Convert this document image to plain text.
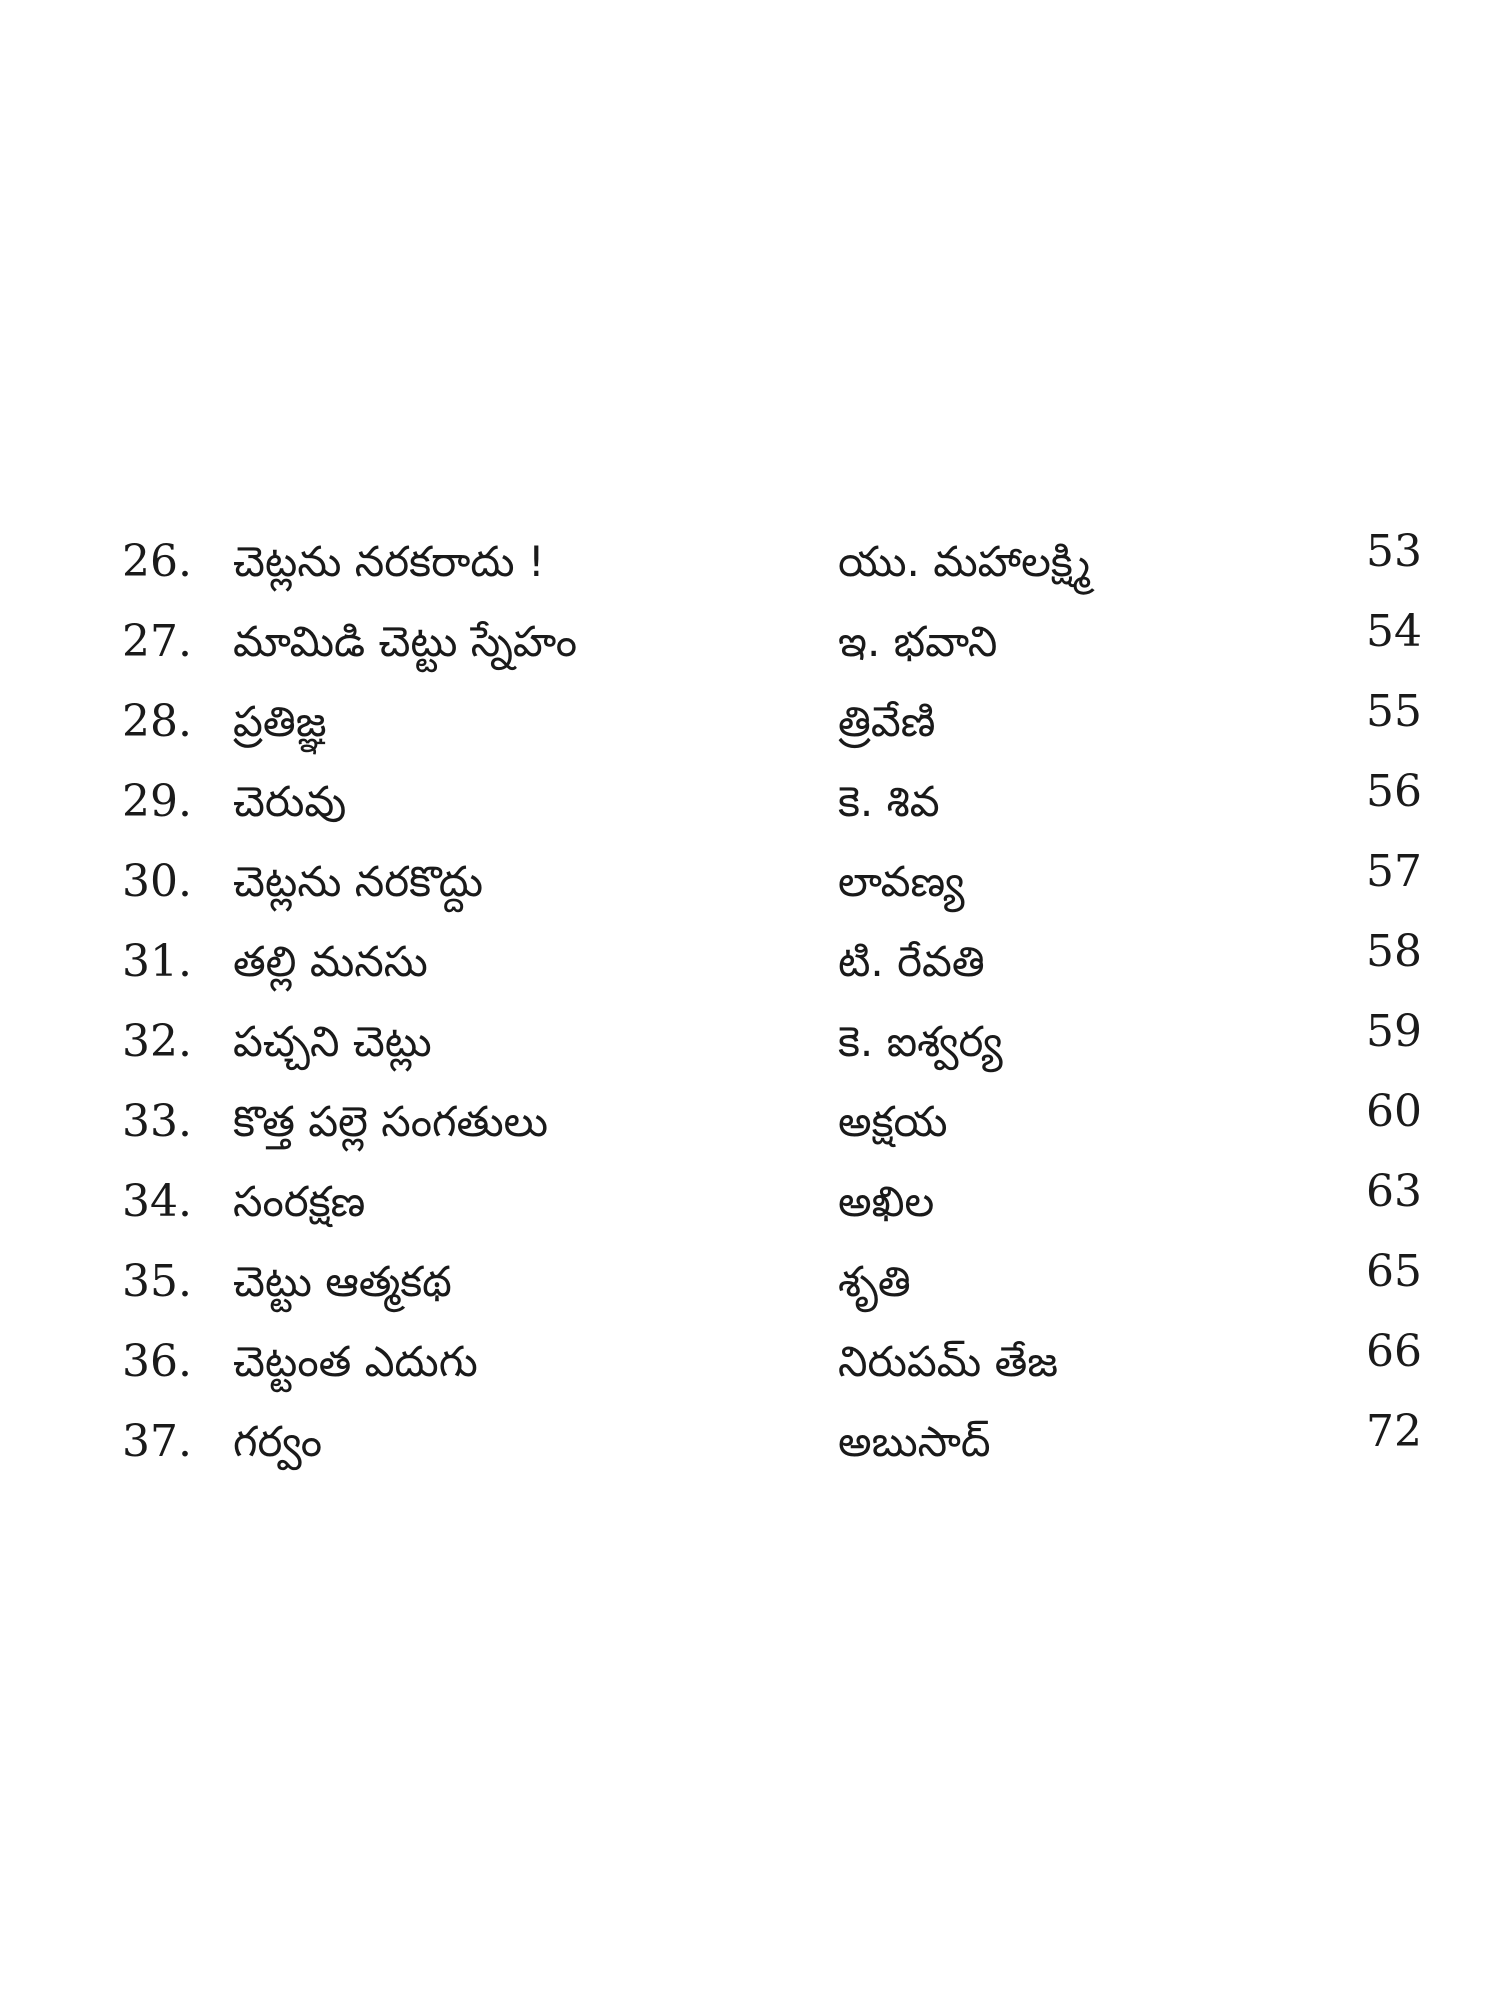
26. చెట్లను నరకరాదు !	యు. మహాలక్ష్మి	53
27. మామిడి చెట్టు స్నేహం	ఇ. భవాని	54
28. ప్రతిజ్ఞ	త్రివేణి	55
29. చెరువు	కె. శివ	56
30. చెట్లను నరకొద్దు	లావణ్య	57
31. తల్లి మనసు	టి. రేవతి	58
32. పచ్చని చెట్లు	కె. ఐశ్వర్య	59
33. కొత్త పల్లె సంగతులు	అక్షయ	60
34. సంరక్షణ	అఖిల	63
35. చెట్టు ఆత్మకథ	శృతి	65
36. చెట్టంత ఎదుగు	నిరుపమ్ తేజ	66
37. గర్వం	అబుసాద్	72
